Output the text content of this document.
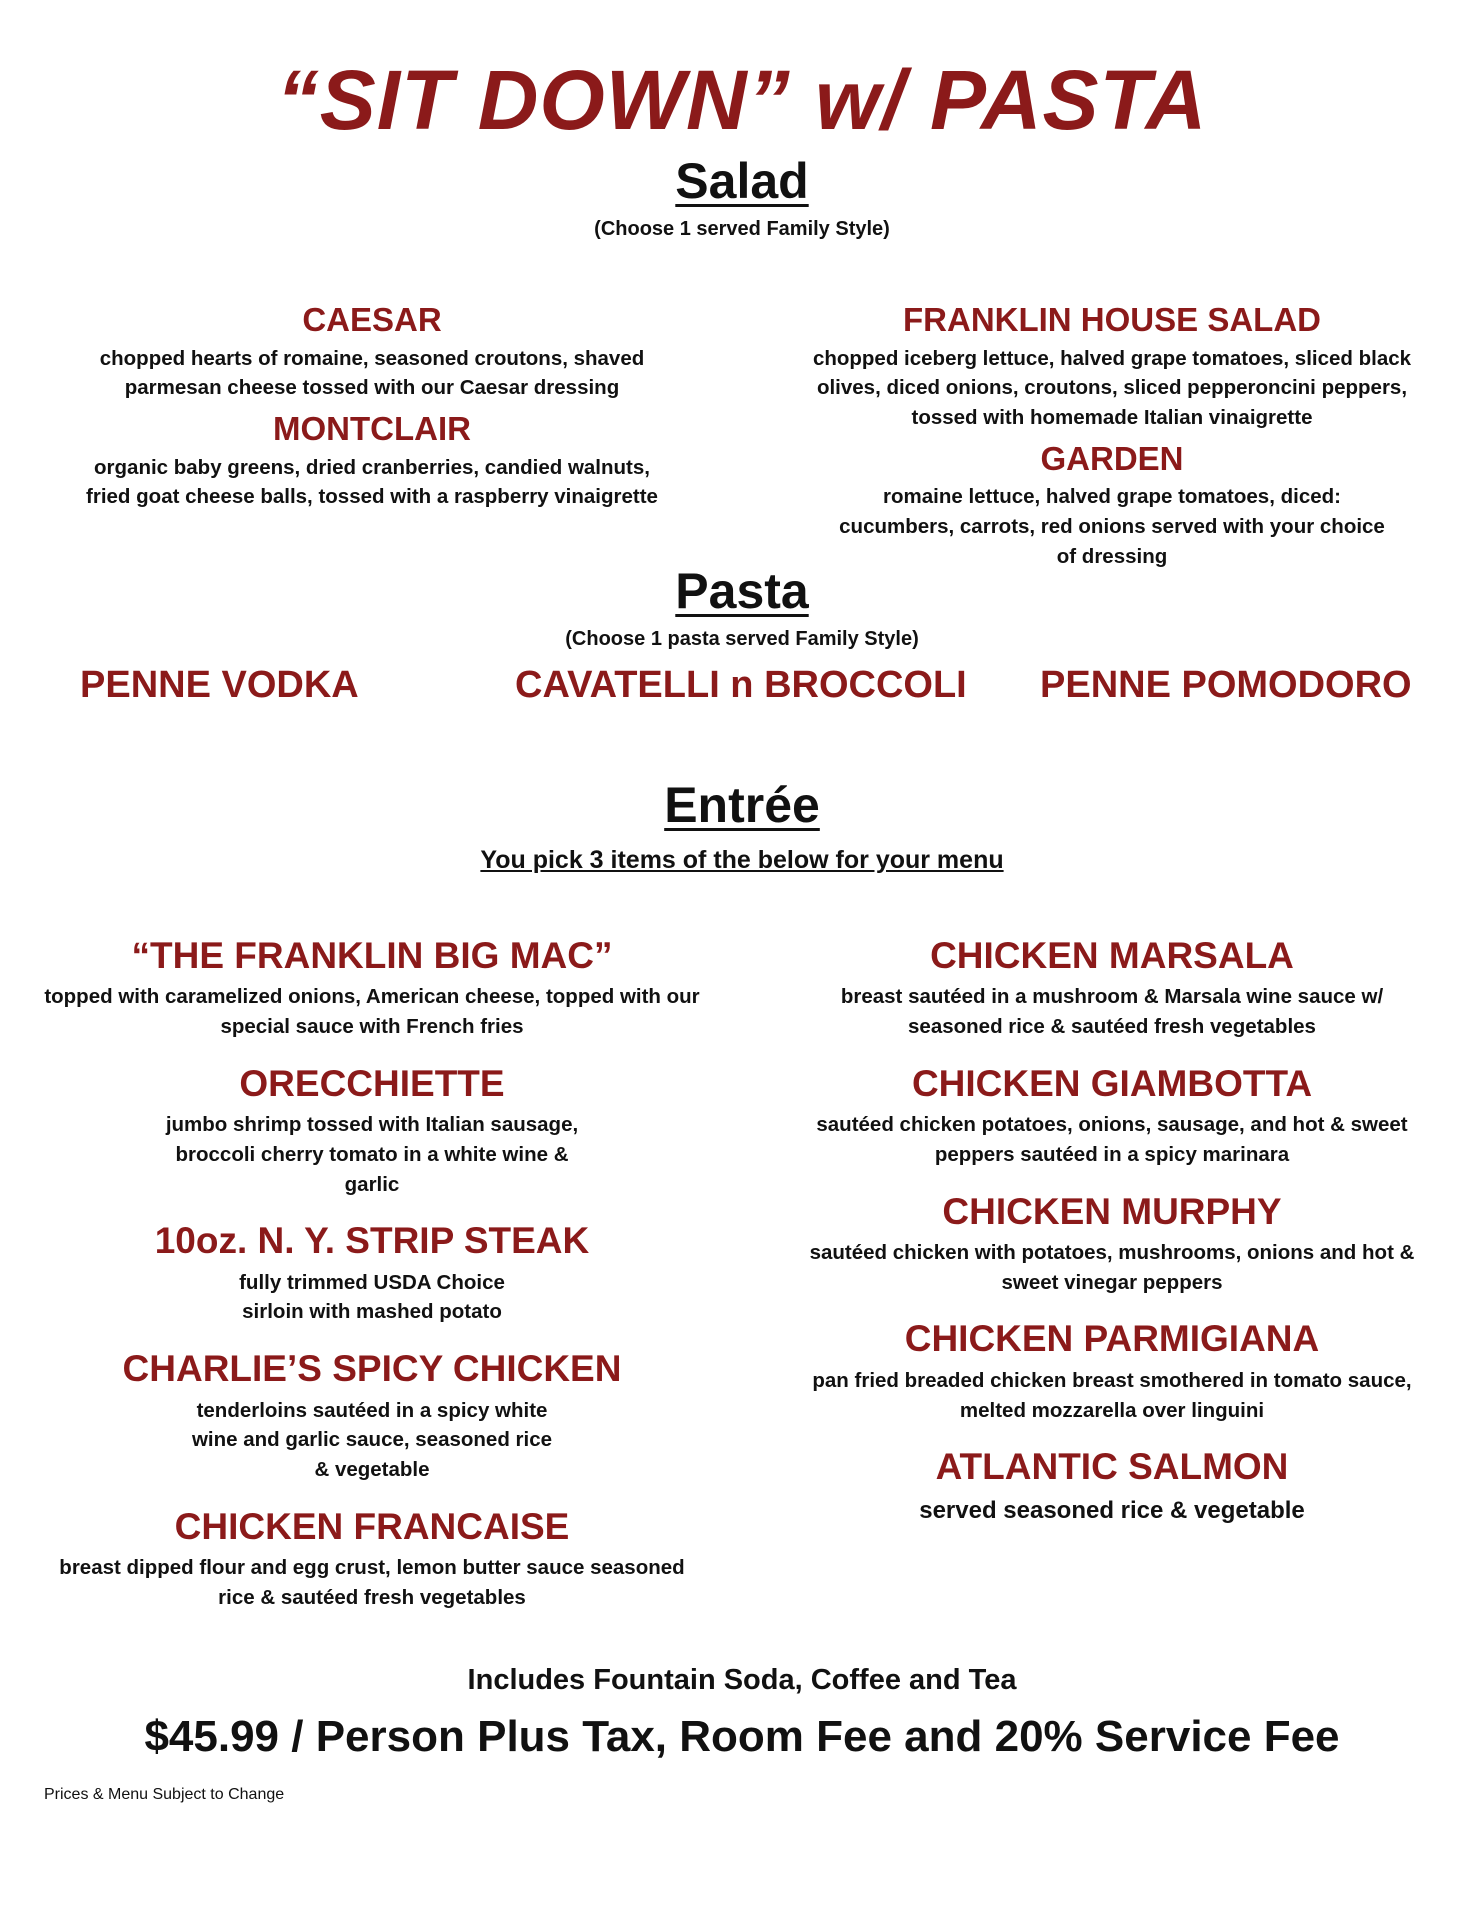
“SIT DOWN” w/ PASTA
Salad
(Choose 1 served Family Style)
CAESAR
chopped hearts of romaine, seasoned croutons, shaved parmesan cheese tossed with our Caesar dressing
MONTCLAIR
organic baby greens, dried cranberries, candied walnuts, fried goat cheese balls, tossed with a raspberry vinaigrette
FRANKLIN HOUSE SALAD
chopped iceberg lettuce, halved grape tomatoes, sliced black olives, diced onions, croutons, sliced pepperoncini peppers, tossed with homemade Italian vinaigrette
GARDEN
romaine lettuce, halved grape tomatoes, diced: cucumbers, carrots, red onions served with your choice of dressing
Pasta
(Choose 1 pasta served Family Style)
PENNE VODKA	CAVATELLI n BROCCOLI PENNE POMODORO
Entrée
You pick 3 items of the below for your menu
“THE FRANKLIN BIG MAC”
topped with caramelized onions, American cheese, topped with our special sauce with French fries
ORECCHIETTE
jumbo shrimp tossed with Italian sausage, broccoli cherry tomato in a white wine & garlic
10oz. N. Y. STRIP STEAK
fully trimmed USDA Choice sirloin with mashed potato
CHARLIE’S SPICY CHICKEN
tenderloins sautéed in a spicy white wine and garlic sauce, seasoned rice & vegetable
CHICKEN FRANCAISE
breast dipped flour and egg crust, lemon butter sauce seasoned rice & sautéed fresh vegetables
CHICKEN MARSALA
breast sautéed in a mushroom & Marsala wine sauce w/ seasoned rice & sautéed fresh vegetables
CHICKEN GIAMBOTTA
sautéed chicken potatoes, onions, sausage, and hot & sweet peppers sautéed in a spicy marinara
CHICKEN MURPHY
sautéed chicken with potatoes, mushrooms, onions and hot & sweet vinegar peppers
CHICKEN PARMIGIANA
pan fried breaded chicken breast smothered in tomato sauce, melted mozzarella over linguini
ATLANTIC SALMON
served seasoned rice & vegetable
Includes Fountain Soda, Coffee and Tea
$45.99 / Person Plus Tax, Room Fee and 20% Service Fee
Prices & Menu Subject to Change
